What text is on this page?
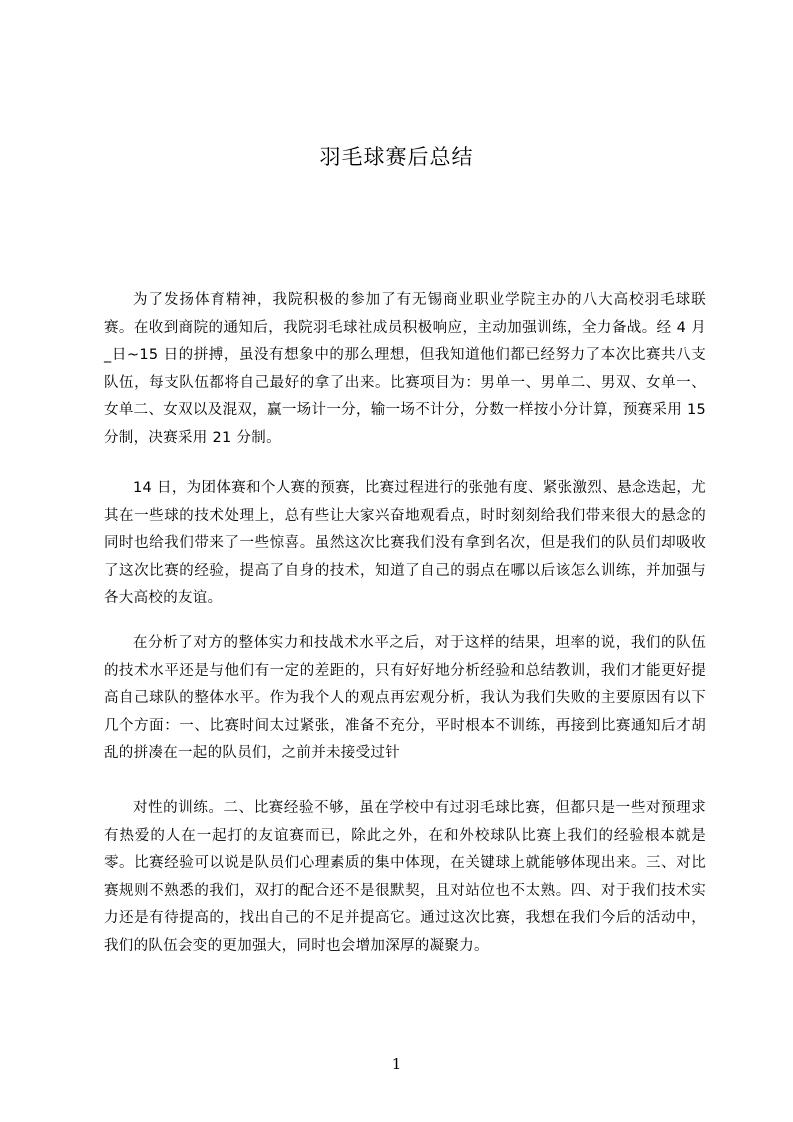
羽毛球赛后总结

为了发扬体育精神，我院积极的参加了有无锡商业职业学院主办的八大高校羽毛球联赛。在收到商院的通知后，我院羽毛球社成员积极响应，主动加强训练，全力备战。经 4 月_日~15 日的拼搏，虽没有想象中的那么理想，但我知道他们都已经努力了本次比赛共八支队伍，每支队伍都将自己最好的拿了出来。比赛项目为：男单一、男单二、男双、女单一、女单二、女双以及混双，赢一场计一分，输一场不计分，分数一样按小分计算，预赛采用 15 分制，决赛采用 21 分制。

14 日，为团体赛和个人赛的预赛，比赛过程进行的张弛有度、紧张激烈、悬念迭起，尤其在一些球的技术处理上，总有些让大家兴奋地观看点，时时刻刻给我们带来很大的悬念的同时也给我们带来了一些惊喜。虽然这次比赛我们没有拿到名次，但是我们的队员们却吸收了这次比赛的经验，提高了自身的技术，知道了自己的弱点在哪以后该怎么训练，并加强与各大高校的友谊。

在分析了对方的整体实力和技战术水平之后，对于这样的结果，坦率的说，我们的队伍的技术水平还是与他们有一定的差距的，只有好好地分析经验和总结教训，我们才能更好提高自己球队的整体水平。作为我个人的观点再宏观分析，我认为我们失败的主要原因有以下几个方面：一、比赛时间太过紧张，准备不充分，平时根本不训练，再接到比赛通知后才胡乱的拼凑在一起的队员们，之前并未接受过针

对性的训练。二、比赛经验不够，虽在学校中有过羽毛球比赛，但都只是一些对预理求有热爱的人在一起打的友谊赛而已，除此之外，在和外校球队比赛上我们的经验根本就是零。比赛经验可以说是队员们心理素质的集中体现，在关键球上就能够体现出来。三、对比赛规则不熟悉的我们，双打的配合还不是很默契，且对站位也不太熟。四、对于我们技术实力还是有待提高的，找出自己的不足并提高它。通过这次比赛，我想在我们今后的活动中，我们的队伍会变的更加强大，同时也会增加深厚的凝聚力。

1
